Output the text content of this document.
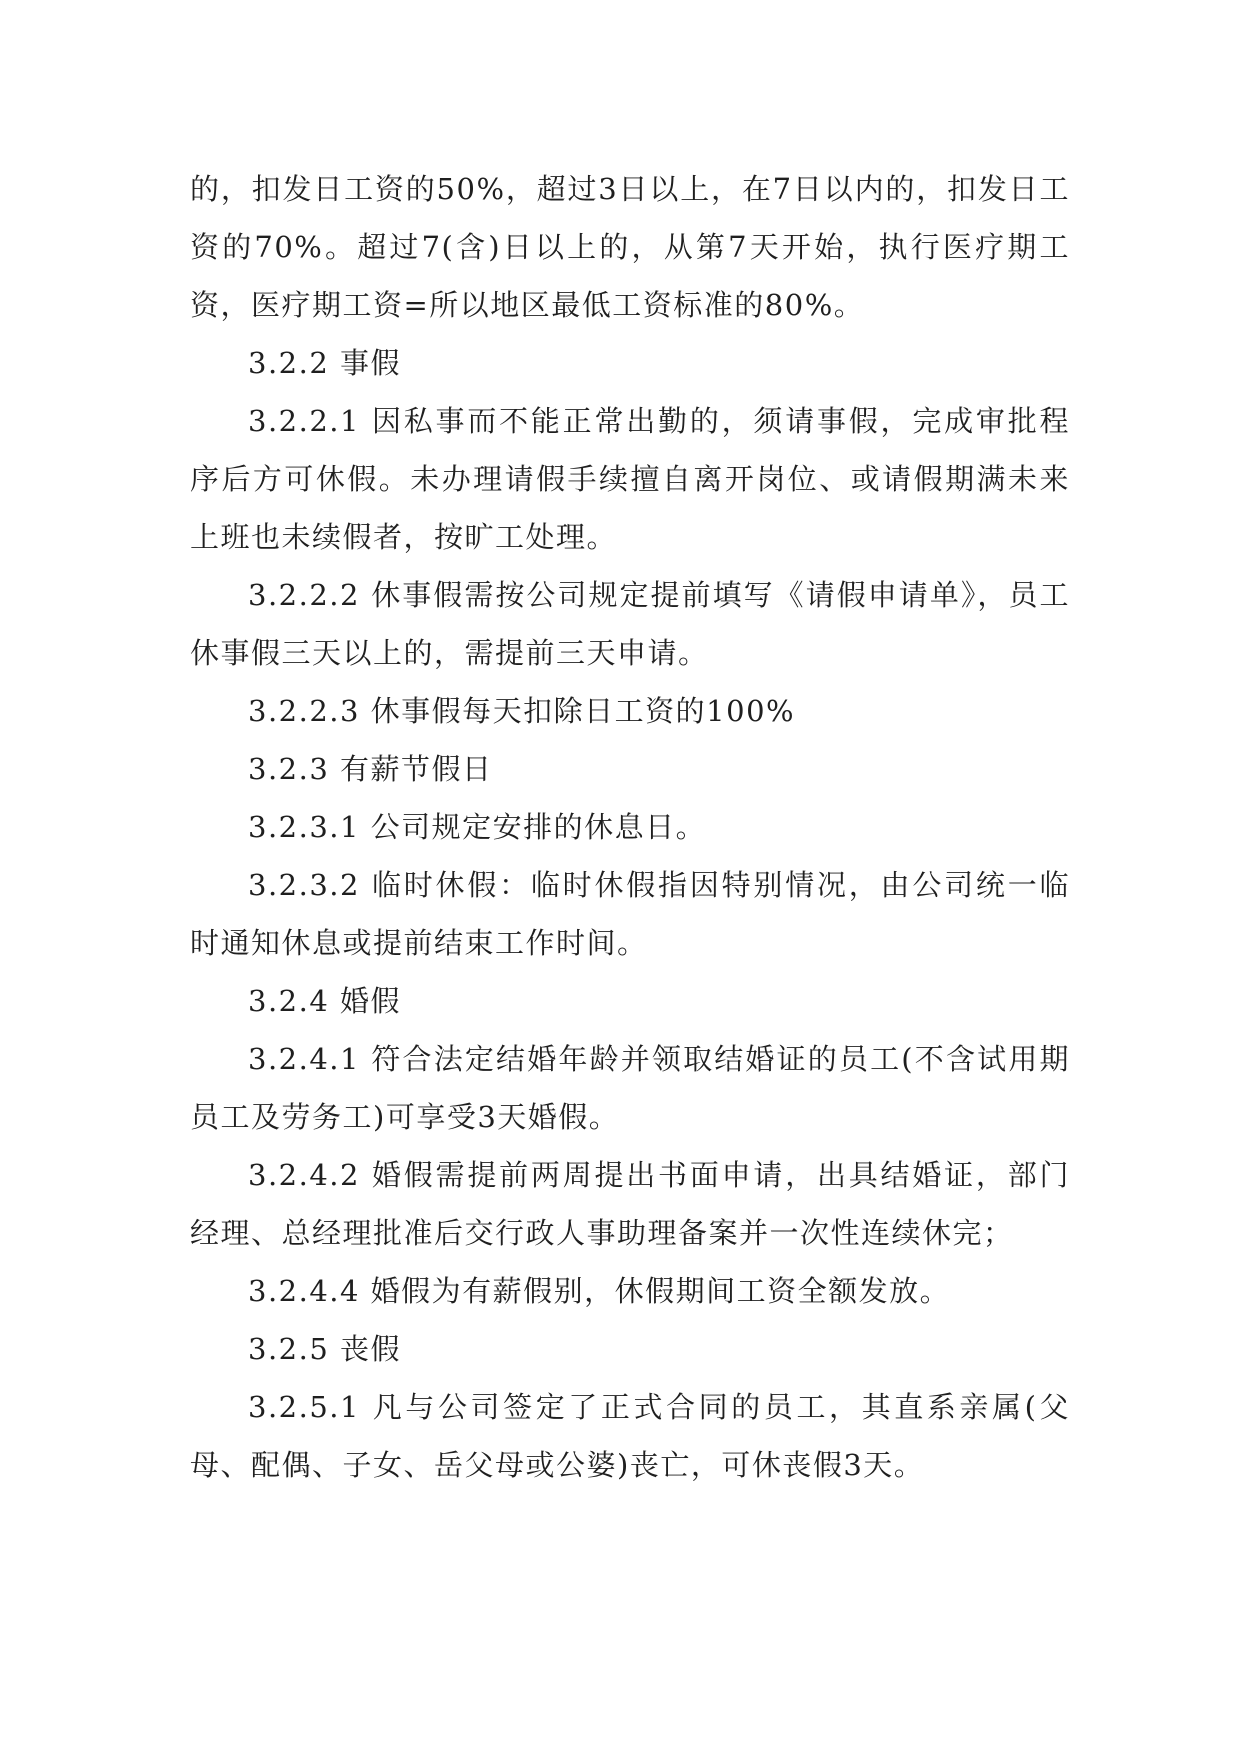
的，扣发日工资的50%，超过3日以上，在7日以内的，扣发日工资的70%。超过7(含)日以上的，从第7天开始，执行医疗期工资，医疗期工资=所以地区最低工资标准的80%。

3.2.2 事假

3.2.2.1 因私事而不能正常出勤的，须请事假，完成审批程序后方可休假。未办理请假手续擅自离开岗位、或请假期满未来上班也未续假者，按旷工处理。

3.2.2.2 休事假需按公司规定提前填写《请假申请单》，员工休事假三天以上的，需提前三天申请。

3.2.2.3 休事假每天扣除日工资的100%

3.2.3 有薪节假日

3.2.3.1 公司规定安排的休息日。

3.2.3.2 临时休假：临时休假指因特别情况，由公司统一临时通知休息或提前结束工作时间。

3.2.4 婚假

3.2.4.1 符合法定结婚年龄并领取结婚证的员工(不含试用期员工及劳务工)可享受3天婚假。

3.2.4.2 婚假需提前两周提出书面申请，出具结婚证，部门经理、总经理批准后交行政人事助理备案并一次性连续休完；

3.2.4.4 婚假为有薪假别，休假期间工资全额发放。

3.2.5 丧假

3.2.5.1 凡与公司签定了正式合同的员工，其直系亲属(父母、配偶、子女、岳父母或公婆)丧亡，可休丧假3天。
